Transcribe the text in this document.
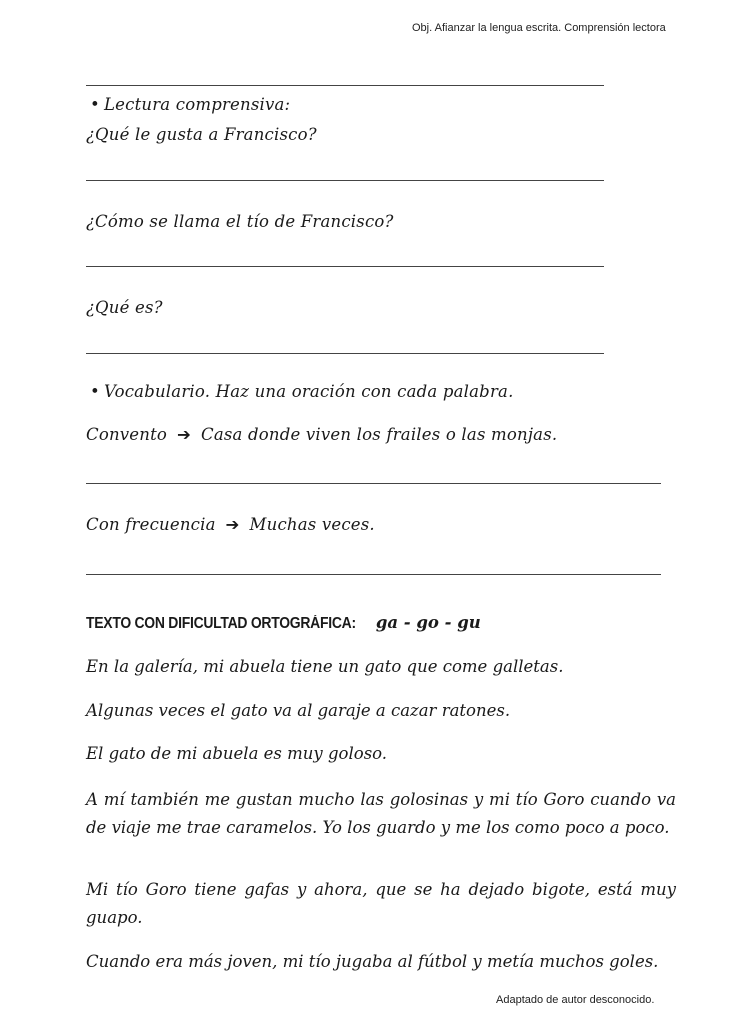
Obj. Afianzar la lengua escrita. Comprensión lectora
• Lectura comprensiva:
¿Qué le gusta a Francisco?
¿Cómo se llama el tío de Francisco?
¿Qué es?
• Vocabulario. Haz una oración con cada palabra.
Convento ➔ Casa donde viven los frailes o las monjas.
Con frecuencia ➔ Muchas veces.
TEXTO CON DIFICULTAD ORTOGRÁFICA: ga - go - gu

En la galería, mi abuela tiene un gato que come galletas.

Algunas veces el gato va al garaje a cazar ratones.

El gato de mi abuela es muy goloso.

A mí también me gustan mucho las golosinas y mi tío Goro cuando va de viaje me trae caramelos. Yo los guardo y me los como poco a poco.

Mi tío Goro tiene gafas y ahora, que se ha dejado bigote, está muy guapo.

Cuando era más joven, mi tío jugaba al fútbol y metía muchos goles.

Adaptado de autor desconocido.
